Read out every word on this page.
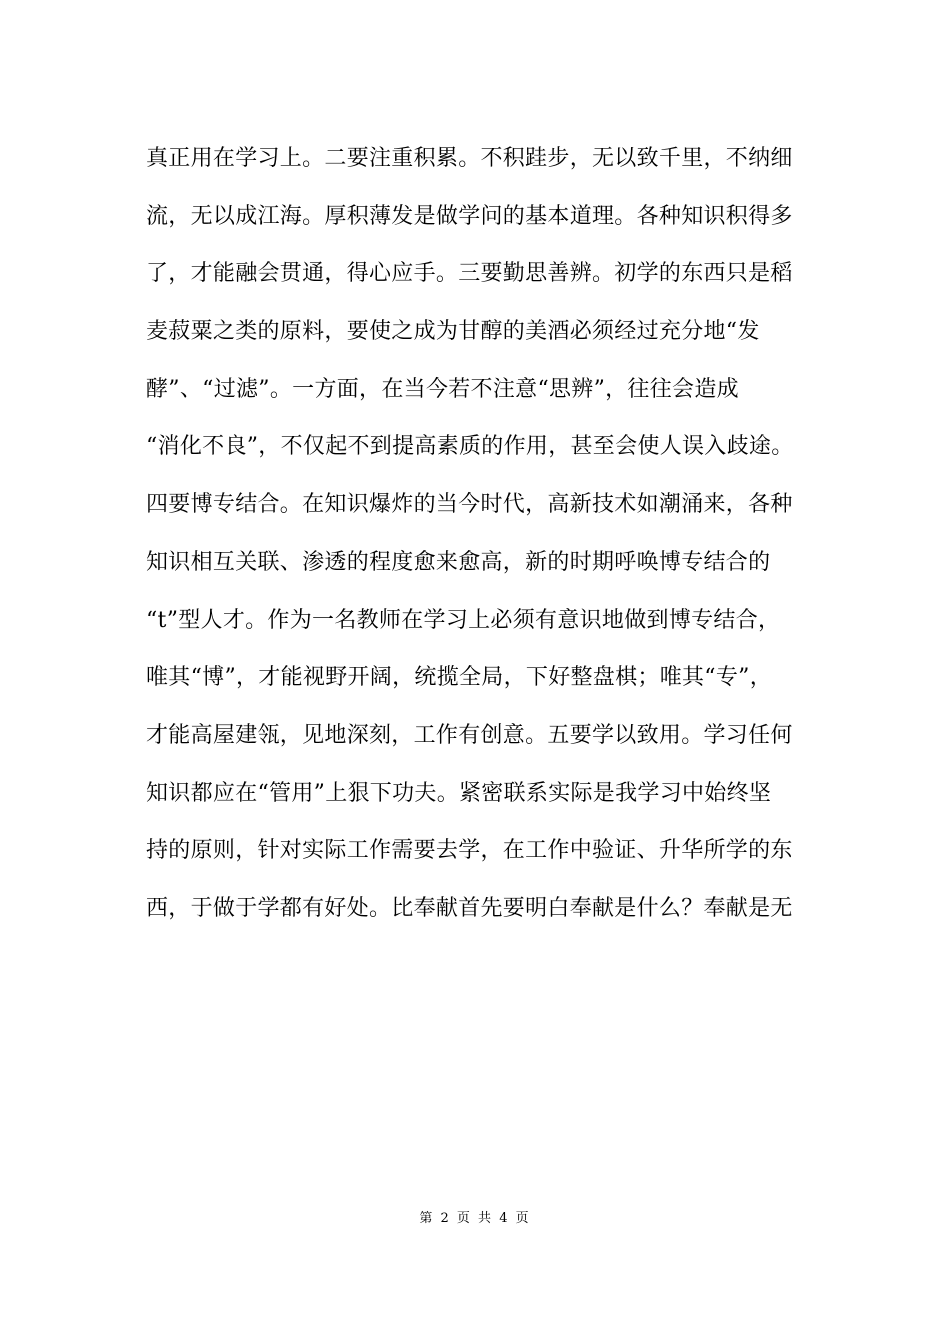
真正用在学习上。二要注重积累。不积跬步，无以致千里，不纳细
流，无以成江海。厚积薄发是做学问的基本道理。各种知识积得多
了，才能融会贯通，得心应手。三要勤思善辨。初学的东西只是稻
麦菽粟之类的原料，要使之成为甘醇的美酒必须经过充分地“发
酵”、“过滤”。一方面，在当今若不注意“思辨”，往往会造成
“消化不良”，不仅起不到提高素质的作用，甚至会使人误入歧途。
四要博专结合。在知识爆炸的当今时代，高新技术如潮涌来，各种
知识相互关联、渗透的程度愈来愈高，新的时期呼唤博专结合的
“t”型人才。作为一名教师在学习上必须有意识地做到博专结合，
唯其“博”，才能视野开阔，统揽全局，下好整盘棋；唯其“专”，
才能高屋建瓴，见地深刻，工作有创意。五要学以致用。学习任何
知识都应在“管用”上狠下功夫。紧密联系实际是我学习中始终坚
持的原则，针对实际工作需要去学，在工作中验证、升华所学的东
西，于做于学都有好处。比奉献首先要明白奉献是什么？奉献是无
第 2 页 共 4 页
